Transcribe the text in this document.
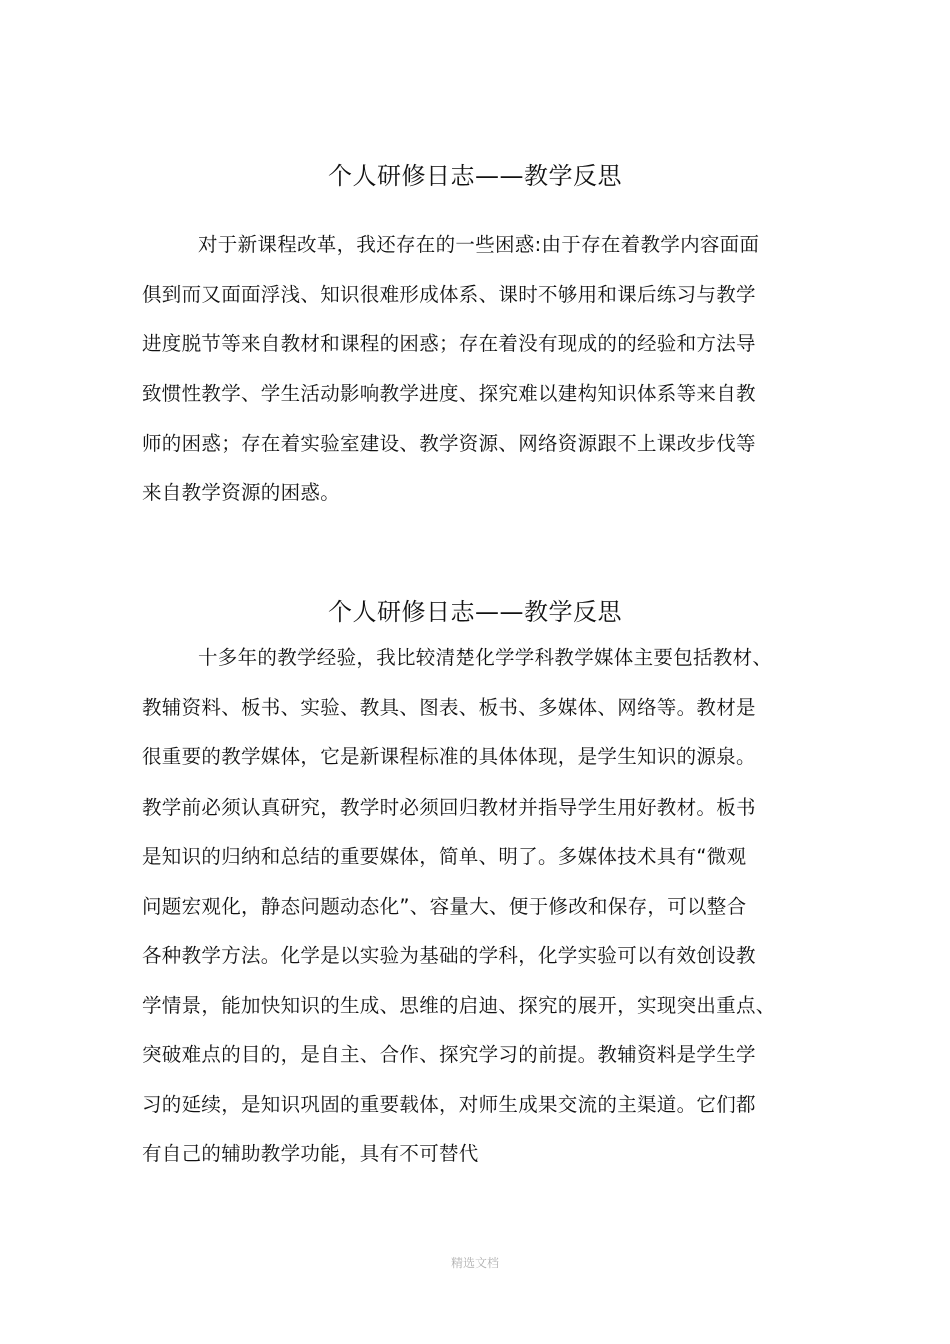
个人研修日志——教学反思
对于新课程改革，我还存在的一些困惑:由于存在着教学内容面面
俱到而又面面浮浅、知识很难形成体系、课时不够用和课后练习与教学
进度脱节等来自教材和课程的困惑；存在着没有现成的的经验和方法导
致惯性教学、学生活动影响教学进度、探究难以建构知识体系等来自教
师的困惑；存在着实验室建设、教学资源、网络资源跟不上课改步伐等
来自教学资源的困惑。
个人研修日志——教学反思
十多年的教学经验，我比较清楚化学学科教学媒体主要包括教材、
教辅资料、板书、实验、教具、图表、板书、多媒体、网络等。教材是
很重要的教学媒体，它是新课程标准的具体体现，是学生知识的源泉。
教学前必须认真研究，教学时必须回归教材并指导学生用好教材。板书
是知识的归纳和总结的重要媒体，简单、明了。多媒体技术具有“微观
问题宏观化，静态问题动态化”、容量大、便于修改和保存，可以整合
各种教学方法。化学是以实验为基础的学科，化学实验可以有效创设教
学情景，能加快知识的生成、思维的启迪、探究的展开，实现突出重点、
突破难点的目的，是自主、合作、探究学习的前提。教辅资料是学生学
习的延续，是知识巩固的重要载体，对师生成果交流的主渠道。它们都
有自己的辅助教学功能，具有不可替代
精选文档
